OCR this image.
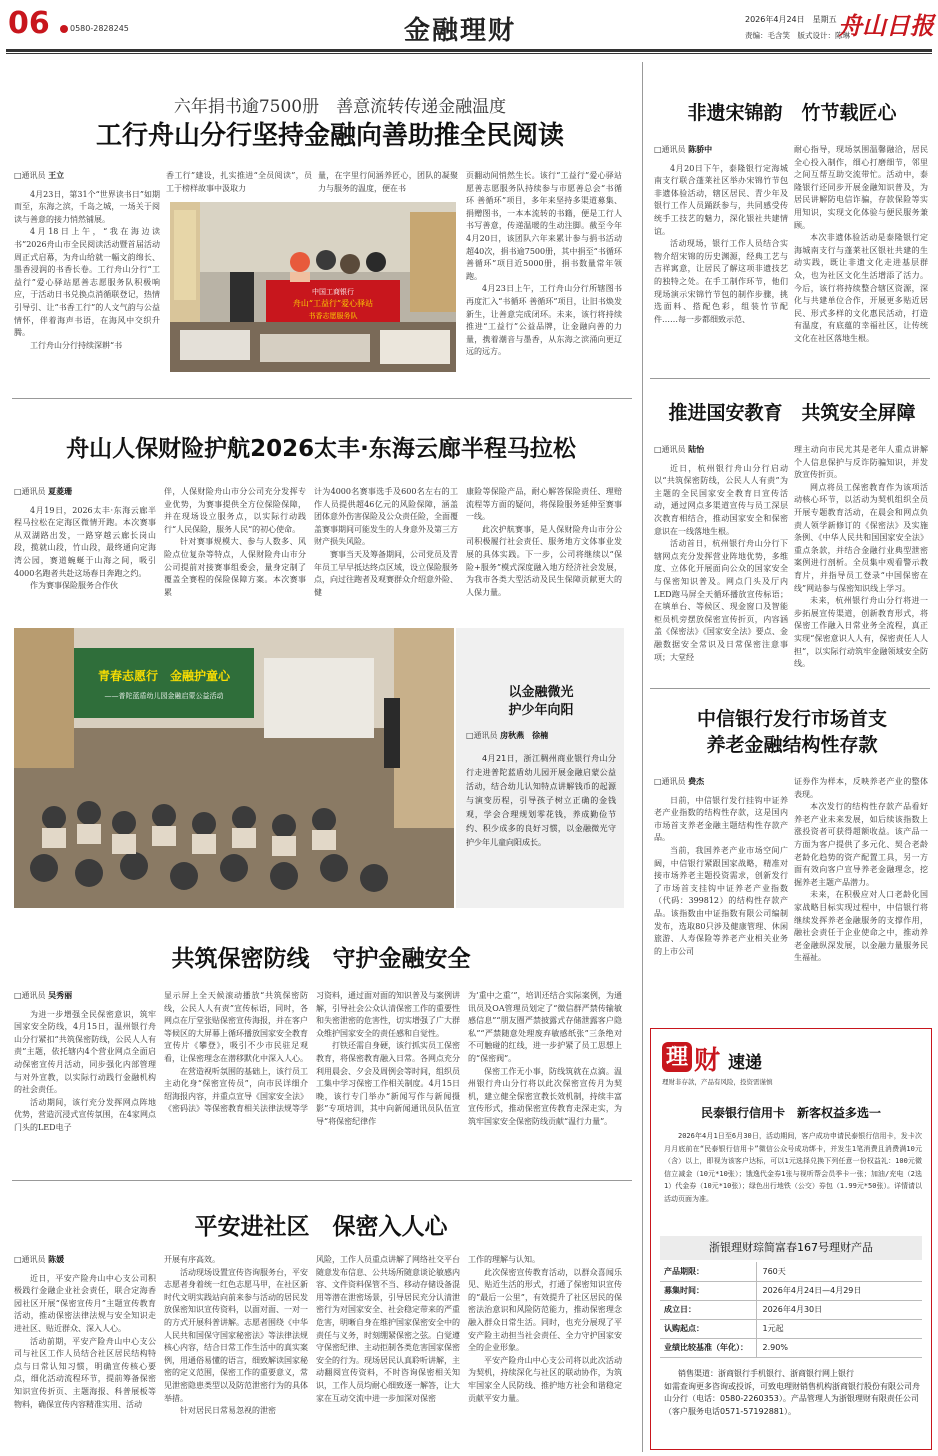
06	0580-2828245	金融理财	2026年4月24日　星期五
责编：毛含笑　版式设计：陈琳
舟山日报
六年捐书逾7500册　善意流转传递金融温度
工行舟山分行坚持金融向善助推全民阅读
□通讯员 王立

4月23日，第31个“世界读书日”如期而至，东海之滨，千岛之城，一场关于阅读与善意的接力悄然铺展。

4月18日上午，“我在海边读书”2026舟山市全民阅读活动暨首届活动周正式启幕，为舟山给就一幅文韵绵长、墨香浸润的书香长卷。工行舟山分行“工益行”爱心驿站愿善志愿服务队积极响应，于活动日书兑换点消循联登记，热情引导引、让“书香工行”的人文气韵与公益情怀，伴着海声书语，在海风中交织升腾。

工行舟山分行持续深耕“书

香工行”建设，扎实推进“全员阅读”，员工于榜样故事中汲取力
量，在字里行间涵养匠心，团队的凝聚力与服务的温度，便在书

页翻动间悄然生长。该行“工益行”爱心驿站愿善志愿服务队持续参与市愿善总会“书循环 善循环”项目，多年来坚持多渠道募集、捐赠图书，一本本流转的书籍，便是工行人书写善意，传递温暖的生动注脚。截至今年4月20日，该团队六年来累计参与捐书活动超40次，捐书逾7500册，其中捐至“书循环 善循环”项目近5000册，捐书数量常年领跑。

4月23日上午，工行舟山分行所辖图书再度汇入“书循环 善循环”项目，让旧书焕发新生，让善意完成闭环。未来，该行将持续推进“工益行”公益品牌，让金融向善的力量，携着潮音与墨香，从东海之滨涌向更辽远的远方。

中国工商银行
舟山“工益行”爱心驿站
书香志愿服务队
舟山人保财险护航2026太丰·东海云廊半程马拉松
□通讯员 夏菱珊

4月19日，2026太丰·东海云廊半程马拉松在定海区微情开跑。本次赛事从双湖路出发，一路穿越云廊长岗山段，揽就山段，竹山段，最终通向定海湾公园，赛道蜿蜒于山海之间，吸引4000名跑者共赴这场春日奔跑之约。

作为赛事保险服务合作伙

伴，人保财险舟山市分公司充分发挥专业优势，为赛事提供全方位保险保障，并在现场设立服务点，以实际行动践行“人民保险，服务人民”的初心使命。

针对赛事规模大、参与人数多、风险点位复杂等特点，人保财险舟山市分公司提前对接赛事组委会，量身定制了覆盖全赛程的保险保障方案。本次赛事累

计为4000名赛事选手及600名左右的工作人员提供超46亿元的风险保障，涵盖团体意外伤害保险及公众责任险，全面覆盖赛事期间可能发生的人身意外及第三方财产损失风险。

赛事当天及筹备期间，公司党员及青年员工早早抵达终点区域，设立保险服务点，向过往跑者及观赛群众介绍意外险、健

康险等保险产品，耐心解答保险责任、理赔流程等方面的疑问，将保险服务延伸至赛事一线。

此次护航赛事，是人保财险舟山市分公司积极履行社会责任、服务地方文体事业发展的具体实践。下一步，公司将继续以“保险+服务”模式深度融入地方经济社会发展，为我市各类大型活动及民生保障贡献更大的人保力量。

青春志愿行　金融护童心
——普陀蓝盾幼儿园金融启蒙公益活动	以金融微光
护少年向阳
□通讯员 房秋燕　徐楠
4月21日，浙江稠州商业银行舟山分行走进普陀蓝盾幼儿园开展金融启蒙公益活动，结合幼儿认知特点讲解钱币的起源与演变历程，引导孩子树立正确的金钱观，学会合理规划零花钱，养成勤俭节约、积少成多的良好习惯，以金融微光守护少年儿童向阳成长。
共筑保密防线　守护金融安全
□通讯员 吴秀丽

为进一步增强全民保密意识，筑牢国家安全防线，4月15日，温州银行舟山分行紧扣“共筑保密防线，公民人人有责”主题，依托辖内4个营业网点全面启动保密宣传月活动，同步强化内部管理与对外宣教，以实际行动践行金融机构的社会责任。

活动期间，该行充分发挥网点阵地优势，营造沉浸式宣传氛围，在4家网点门头的LED电子

显示屏上全天候滚动播放“共筑保密防线，公民人人有责”宣传标语，同时，各网点在厅堂张贴保密宣传海报，并在客户等候区的大屏幕上循环播放国家安全教育宣传片《攀登》，吸引不少市民驻足观看，让保密理念在潜移默化中深入人心。

在营造视听氛围的基础上，该行员工主动化身“保密宣传员”，向市民详细介绍海报内容，并重点宣导《国家安全法》《密码法》等保密教育相关法律法规等学

习资料，通过面对面的知识普及与案例讲解，引导社会公众认清保密工作的重要性和失密泄密的危害性，切实增强了广大群众维护国家安全的责任感和自觉性。

打铁还需自身硬，该行抓实员工保密教育，将保密教育融入日常。各网点充分利用晨会、夕会及周例会等时间，组织员工集中学习保密工作相关制度。4月15日晚，该行专门举办“新闻写作与新闻摄影”专项培训，其中向新闻通讯员队伍宣导“将保密纪律作

为‘重中之重’”，培训还结合实际案例，为通讯员及OA管理员划定了“微信群严禁传输敏感信息”“朋友圈严禁披露式存储泄露客户隐私”“严禁随意处理废弃敏感纸张”三条绝对不可触碰的红线，进一步护紧了员工思想上的“保密阀”。

保密工作无小事，防线筑就在点滴。温州银行舟山分行将以此次保密宣传月为契机，建立健全保密宣教长效机制，持续丰富宣传形式，推动保密宣传教育走深走实，为筑牢国家安全保密防线贡献“温行力量”。

平安进社区　保密入人心
□通讯员 陈媛

近日，平安产险舟山中心支公司积极践行金融企业社会责任，联合定海香园社区开展“保密宣传月”主题宣传教育活动，推动保密法律法规与安全知识走进社区、贴近群众、深入人心。

活动前期，平安产险舟山中心支公司与社区工作人员结合社区居民结构特点与日常认知习惯，明确宣传核心要点，细化活动流程环节，提前筹备保密知识宣传折页、主题海报、科普展板等物料，确保宣传内容精准实用、活动

开展有序高效。

活动现场设置宣传咨询服务台，平安志愿者身着统一红色志愿马甲，在社区新时代文明实践站向前来参与活动的居民发放保密知识宣传资料，以面对面、一对一的方式开展科普讲解。志愿者围绕《中华人民共和国保守国家秘密法》等法律法规核心内容，结合日常工作生活中的真实案例，用通俗易懂的语言，细致解读国家秘密的定义范围，保密工作的重要意义，常见泄密隐患类型以及防范泄密行为的具体举措。

针对居民日常易忽视的泄密

风险，工作人员重点讲解了网络社交平台随意发布信息、公共场所随意谈论敏感内容、文件资料保管不当、移动存储设备混用等潜在泄密场景，引导居民充分认清泄密行为对国家安全、社会稳定带来的严重危害，明晰自身在维护国家保密安全中的责任与义务，时刻绷紧保密之弦。白觉遵守保密纪律、主动拒制各类危害国家保密安全的行为。现场居民认真聆听讲解，主动翻阅宣传资料，不时咨询保密相关知识，工作人员均耐心细致逐一解答，让大家在互动交流中进一步加深对保密

工作的理解与认知。

此次保密宣传教育活动，以群众喜闻乐见、贴近生活的形式，打通了保密知识宣传的“最后一公里”，有效提升了社区居民的保密法治意识和风险防范能力，推动保密理念融入群众日常生活。同时，也充分展现了平安产险主动担当社会责任、全力守护国家安全的企业形象。

平安产险舟山中心支公司将以此次活动为契机，持续深化与社区的联动协作，为筑牢国家全人民防线、推护地方社会和谐稳定贡献平安力量。

非遗宋锦韵　竹节载匠心
□通讯员 陈骄中

4月20日下午，泰隆银行定海城南支行联合蓬莱社区举办宋锦竹节包非遗体验活动，辖区居民、青少年及银行工作人员踊跃参与，共同感受传统手工技艺的魅力，深化银社共建情谊。

活动现场，银行工作人员结合实物介绍宋锦的历史渊源，经典工艺与吉祥寓意，让居民了解这项非遗技艺的独特之处。在手工制作环节，他们现场演示宋锦竹节包的制作步骤，挑选面料、搭配色彩，组装竹节配件……每一步都细致示范、

耐心指导，现场氛围温馨融洽，居民全心投入制作，细心打磨细节，邻里之间互帮互助交流带忙。活动中，泰隆银行还同步开展金融知识普及，为居民讲解防电信诈骗，存款保险等实用知识，实现文化体验与便民服务兼顾。

本次非遗体验活动是泰隆银行定海城南支行与蓬莱社区银社共建的生动实践，既让非遗文化走进基层群众，也为社区文化生活增添了活力。今后，该行将持续整合辖区资源，深化与共建单位合作，开展更多贴近居民、形式多样的文化惠民活动，打造有温度，有底蕴的幸福社区，让传统文化在社区落地生根。

推进国安教育　共筑安全屏障
□通讯员 陆怡

近日，杭州银行舟山分行启动以“共筑保密防线，公民人人有责”为主题的全民国家安全教育日宣传活动，通过网点多渠道宣传与员工深层次教育相结合，推动国家安全和保密意识在一线落地生根。

活动首日，杭州银行舟山分行下辖网点充分发挥营业阵地优势，多维度、立体化开展面向公众的国家安全与保密知识普及。网点门头及厅内LED跑马屏全天循环播放宣传标语；在填单台、等候区、现金窗口及智能柜员机旁摆放保密宣传折页，内容涵盖《保密法》《国家安全法》要点、金融数据安全常识及日常保密注意事项；大堂经

理主动向市民尤其是老年人重点讲解个人信息保护与反诈防骗知识，并发放宣传折页。

网点将员工保密教育作为该项活动核心环节，以活动为契机组织全员开展专题教育活动，在晨会和网点负责人领学新修订的《保密法》及实施条例、《中华人民共和国国家安全法》重点条款，并结合金融行业典型泄密案例进行剖析。全员集中观看警示教育片，并指导员工登录“中国保密在线”网站参与保密知识线上学习。

未来，杭州银行舟山分行将进一步拓展宣传渠道，创新教育形式，将保密工作融入日常业务全流程，真正实现“保密意识人人有，保密责任人人担”，以实际行动筑牢金融领域安全防线。

中信银行发行市场首支
养老金融结构性存款
□通讯员 费杰

日前，中信银行发行挂钩中证养老产业指数的结构性存款，这是国内市场首支养老金融主题结构性存款产品。

当前，我国养老产业市场空间广阔，中信银行紧跟国家战略，精准对接市场养老主题投资需求，创新发行了市场首支挂钩中证养老产业指数（代码：399812）的结构性存款产品。该指数由中证指数有限公司编制发布，选取80只涉及健康管理、休闲旅游、人寿保险等养老产业相关业务的上市公司

证券作为样本，反映养老产业的整体表现。

本次发行的结构性存款产品看好养老产业未来发展，如后续该指数上涨投资者可获得超额收益。该产品一方面为客户提供了多元化、契合老龄老龄化趋势的资产配置工具，另一方面有效向客户宣导养老金融理念，挖掘养老主题产品潜力。

未来，在积极应对人口老龄化国家战略目标实现过程中，中信银行将继续发挥养老金融服务的支撑作用，融社会责任于企业使命之中，推动养老金融纵深发展，以金融力量服务民生福祉。

理 财 速递
理财非存款，产品有风险，投资需谨慎
民泰银行信用卡　新客权益多选一
2026年4月1日至6月30日，活动期间，客户成功申请民泰银行信用卡，发卡次月月底前在“民泰银行信用卡”微信公众号成功绑卡，并发生1笔消费且消费满10元（含）以上，即视为该客户达标，可以1元选择兑换下列任意一份权益礼：100元微信立减金（10元*10张）；饿逸代金券1张与视听帮会员季卡一张；加油/充电（2选1）代金券（10元*10张）；绿色出行地铁（公交）券包（1.99元*50张）。详情请以活动页面为准。
浙银理财琮简富春167号理财产品
产品期限：	760天
募集时间：	2026年4月24日—4月29日
成立日：	2026年4月30日
认购起点：	1元起
业绩比较基准（年化）：	2.90%
销售渠道：浙商银行手机银行、浙商银行网上银行
如需查询更多咨询或投诉，可致电理财销售机构浙商银行股份有限公司舟山分行（电话：0580-2260353）。产品管理人为浙银理财有限责任公司（客户服务电话0571-57192881）。
